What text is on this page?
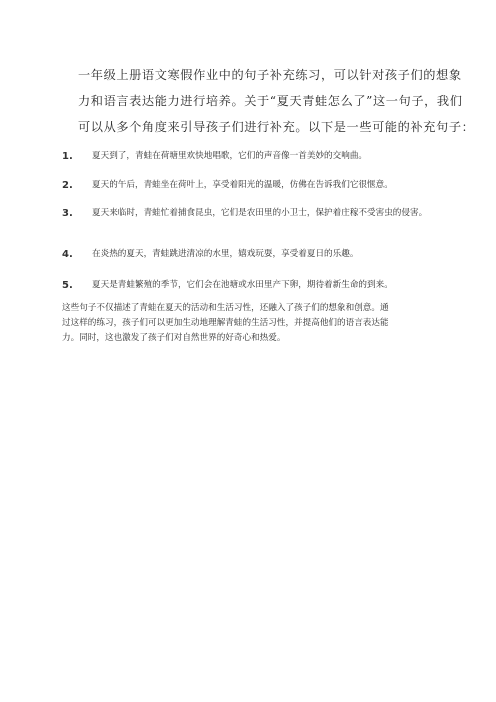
一年级上册语文寒假作业中的句子补充练习，可以针对孩子们的想象
力和语言表达能力进行培养。关于“夏天青蛙怎么了”这一句子，我们
可以从多个角度来引导孩子们进行补充。以下是一些可能的补充句子：

1.	夏天到了，青蛙在荷塘里欢快地唱歌，它们的声音像一首美妙的交响曲。
2.	夏天的午后，青蛙坐在荷叶上，享受着阳光的温暖，仿佛在告诉我们它很惬意。
3.	夏天来临时，青蛙忙着捕食昆虫，它们是农田里的小卫士，保护着庄稼不受害虫的侵害。
4.	在炎热的夏天，青蛙跳进清凉的水里，嬉戏玩耍，享受着夏日的乐趣。
5.	夏天是青蛙繁殖的季节，它们会在池塘或水田里产下卵，期待着新生命的到来。

这些句子不仅描述了青蛙在夏天的活动和生活习性，还融入了孩子们的想象和创意。通
过这样的练习，孩子们可以更加生动地理解青蛙的生活习性，并提高他们的语言表达能
力。同时，这也激发了孩子们对自然世界的好奇心和热爱。
